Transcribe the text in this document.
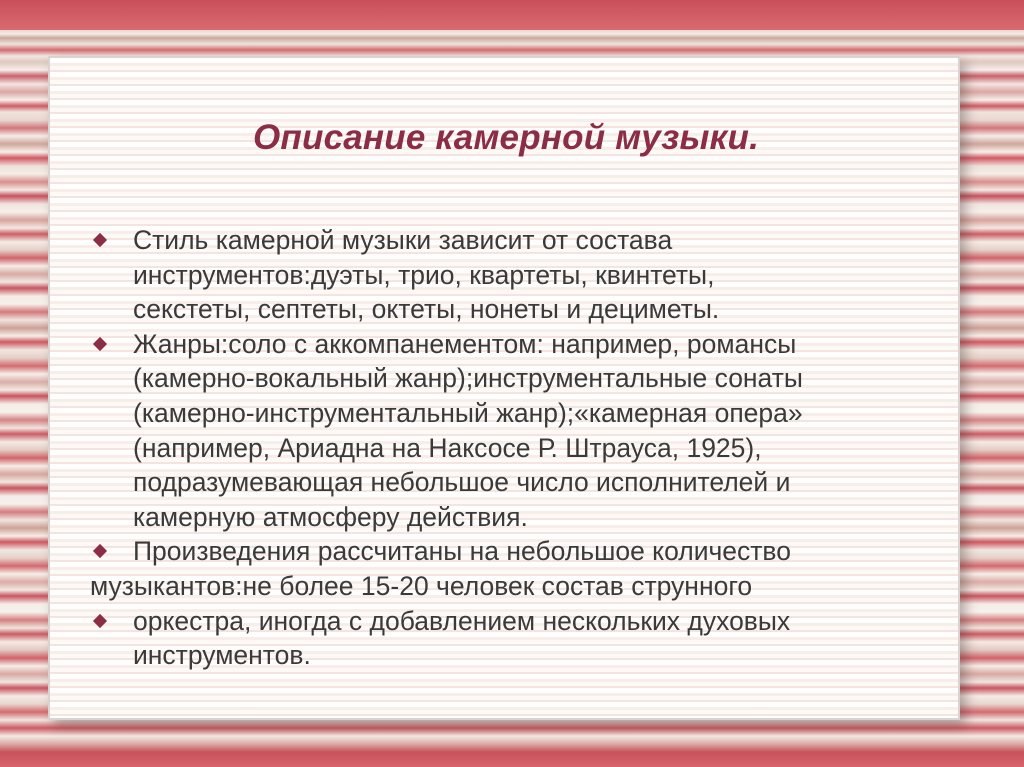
Описание камерной музыки.
Стиль камерной музыки зависит от состава
инструментов:дуэты, трио, квартеты, квинтеты,
секстеты, септеты, октеты, нонеты и дециметы.
Жанры:соло с аккомпанементом: например, романсы
(камерно-вокальный жанр);инструментальные сонаты
(камерно-инструментальный жанр);«камерная опера»
(например, Ариадна на Наксосе Р. Штрауса, 1925),
подразумевающая небольшое число исполнителей и
камерную атмосферу действия.
Произведения рассчитаны на небольшое количество
музыкантов:не более 15-20 человек состав струнного
оркестра, иногда с добавлением нескольких духовых
инструментов.
